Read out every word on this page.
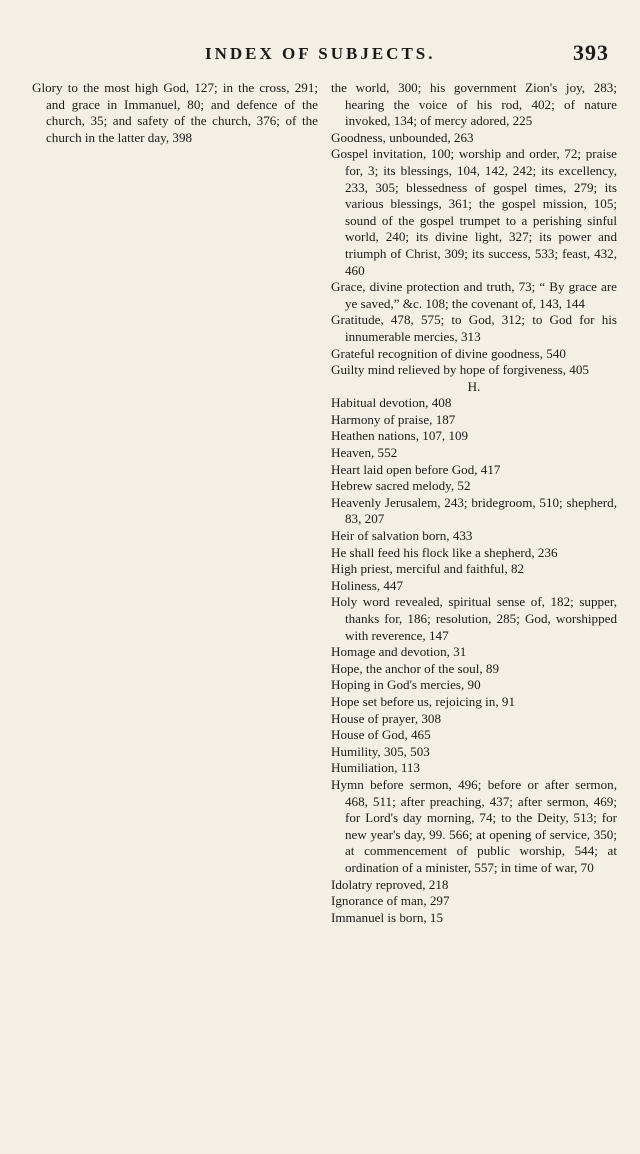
INDEX OF SUBJECTS.	393

Glory to the most high God, 127; in the cross, 291; and grace in Immanuel, 80; and defence of the church, 35; and safety of the church, 376; of the church in the latter day, 398

the world, 300; his government Zion's joy, 283; hearing the voice of his rod, 402; of nature invoked, 134; of mercy adored, 225

Goodness, unbounded, 263

Gospel invitation, 100; worship and order, 72; praise for, 3; its blessings, 104, 142, 242; its excellency, 233, 305; blessedness of gospel times, 279; its various blessings, 361; the gospel mission, 105; sound of the gospel trumpet to a perishing sinful world, 240; its divine light, 327; its power and triumph of Christ, 309; its success, 533; feast, 432, 460

Grace, divine protection and truth, 73; “ By grace are ye saved,” &c. 108; the covenant of, 143, 144

Gratitude, 478, 575; to God, 312; to God for his innumerable mercies, 313

Grateful recognition of divine goodness, 540

Guilty mind relieved by hope of forgiveness, 405

H.

Habitual devotion, 408

Harmony of praise, 187

Heathen nations, 107, 109

Heaven, 552

Heart laid open before God, 417

Hebrew sacred melody, 52

Heavenly Jerusalem, 243; bridegroom, 510; shepherd, 83, 207

Heir of salvation born, 433

He shall feed his flock like a shepherd, 236

High priest, merciful and faithful, 82

Holiness, 447

Holy word revealed, spiritual sense of, 182; supper, thanks for, 186; resolution, 285; God, worshipped with reverence, 147

Homage and devotion, 31

Hope, the anchor of the soul, 89

Hoping in God's mercies, 90

Hope set before us, rejoicing in, 91

House of prayer, 308

House of God, 465

Humility, 305, 503

Humiliation, 113

Hymn before sermon, 496; before or after sermon, 468, 511; after preaching, 437; after sermon, 469; for Lord's day morning, 74; to the Deity, 513; for new year's day, 99. 566; at opening of service, 350; at commencement of public worship, 544; at ordination of a minister, 557; in time of war, 70

Idolatry reproved, 218

Ignorance of man, 297

Immanuel is born, 15
